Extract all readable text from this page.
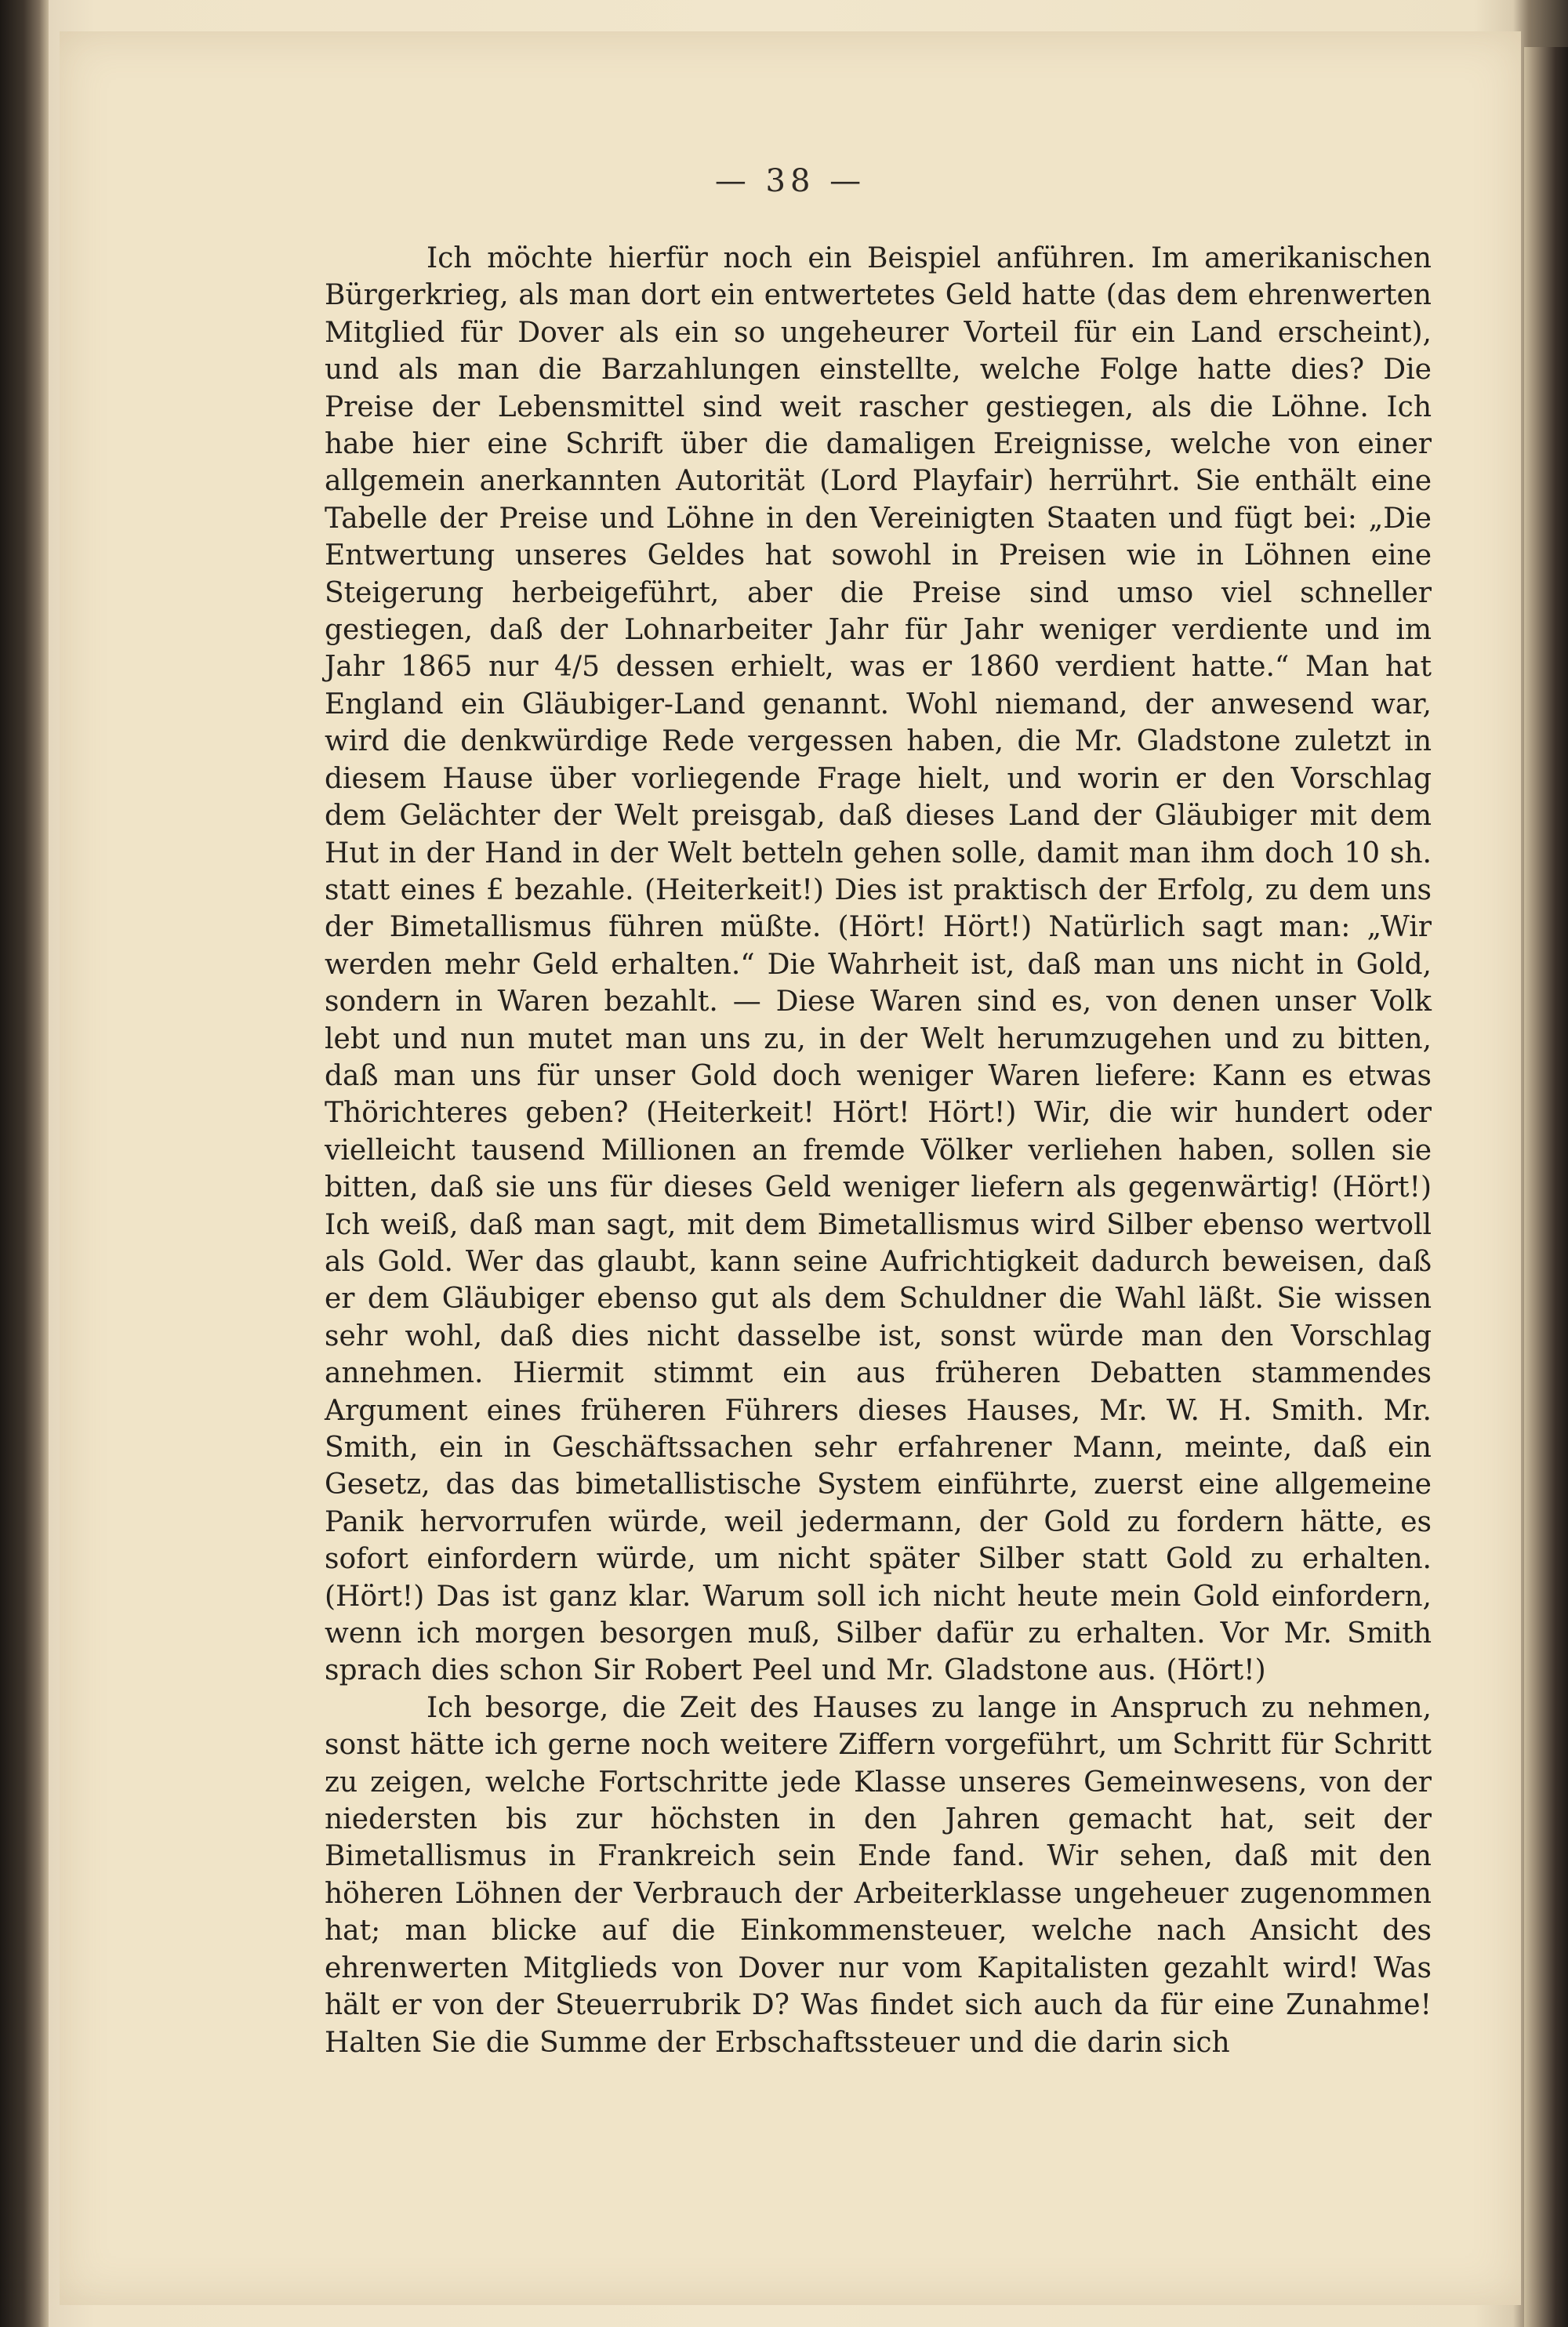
— 38 —

Ich möchte hierfür noch ein Beispiel anführen. Im amerikanischen Bürgerkrieg, als man dort ein entwertetes Geld hatte (das dem ehrenwerten Mitglied für Dover als ein so ungeheurer Vorteil für ein Land erscheint), und als man die Barzahlungen einstellte, welche Folge hatte dies? Die Preise der Lebensmittel sind weit rascher gestiegen, als die Löhne. Ich habe hier eine Schrift über die damaligen Ereignisse, welche von einer allgemein anerkannten Autorität (Lord Playfair) herrührt. Sie enthält eine Tabelle der Preise und Löhne in den Vereinigten Staaten und fügt bei: „Die Entwertung unseres Geldes hat sowohl in Preisen wie in Löhnen eine Steigerung herbeigeführt, aber die Preise sind umso viel schneller gestiegen, daß der Lohnarbeiter Jahr für Jahr weniger verdiente und im Jahr 1865 nur 4/5 dessen erhielt, was er 1860 verdient hatte.“ Man hat England ein Gläubiger-Land genannt. Wohl niemand, der anwesend war, wird die denkwürdige Rede vergessen haben, die Mr. Gladstone zuletzt in diesem Hause über vorliegende Frage hielt, und worin er den Vorschlag dem Gelächter der Welt preisgab, daß dieses Land der Gläubiger mit dem Hut in der Hand in der Welt betteln gehen solle, damit man ihm doch 10 sh. statt eines £ bezahle. (Heiterkeit!) Dies ist praktisch der Erfolg, zu dem uns der Bimetallismus führen müßte. (Hört! Hört!) Natürlich sagt man: „Wir werden mehr Geld erhalten.“ Die Wahrheit ist, daß man uns nicht in Gold, sondern in Waren bezahlt. — Diese Waren sind es, von denen unser Volk lebt und nun mutet man uns zu, in der Welt herumzugehen und zu bitten, daß man uns für unser Gold doch weniger Waren liefere: Kann es etwas Thörichteres geben? (Heiterkeit! Hört! Hört!) Wir, die wir hundert oder vielleicht tausend Millionen an fremde Völker verliehen haben, sollen sie bitten, daß sie uns für dieses Geld weniger liefern als gegenwärtig! (Hört!) Ich weiß, daß man sagt, mit dem Bimetallismus wird Silber ebenso wertvoll als Gold. Wer das glaubt, kann seine Aufrichtigkeit dadurch beweisen, daß er dem Gläubiger ebenso gut als dem Schuldner die Wahl läßt. Sie wissen sehr wohl, daß dies nicht dasselbe ist, sonst würde man den Vorschlag annehmen. Hiermit stimmt ein aus früheren Debatten stammendes Argument eines früheren Führers dieses Hauses, Mr. W. H. Smith. Mr. Smith, ein in Geschäftssachen sehr erfahrener Mann, meinte, daß ein Gesetz, das das bimetallistische System einführte, zuerst eine allgemeine Panik hervorrufen würde, weil jedermann, der Gold zu fordern hätte, es sofort einfordern würde, um nicht später Silber statt Gold zu erhalten. (Hört!) Das ist ganz klar. Warum soll ich nicht heute mein Gold einfordern, wenn ich morgen besorgen muß, Silber dafür zu erhalten. Vor Mr. Smith sprach dies schon Sir Robert Peel und Mr. Gladstone aus. (Hört!)

Ich besorge, die Zeit des Hauses zu lange in Anspruch zu nehmen, sonst hätte ich gerne noch weitere Ziffern vorgeführt, um Schritt für Schritt zu zeigen, welche Fortschritte jede Klasse unseres Gemeinwesens, von der niedersten bis zur höchsten in den Jahren gemacht hat, seit der Bimetallismus in Frankreich sein Ende fand. Wir sehen, daß mit den höheren Löhnen der Verbrauch der Arbeiterklasse ungeheuer zugenommen hat; man blicke auf die Einkommensteuer, welche nach Ansicht des ehrenwerten Mitglieds von Dover nur vom Kapitalisten gezahlt wird! Was hält er von der Steuerrubrik D? Was findet sich auch da für eine Zunahme! Halten Sie die Summe der Erbschaftssteuer und die darin sich
